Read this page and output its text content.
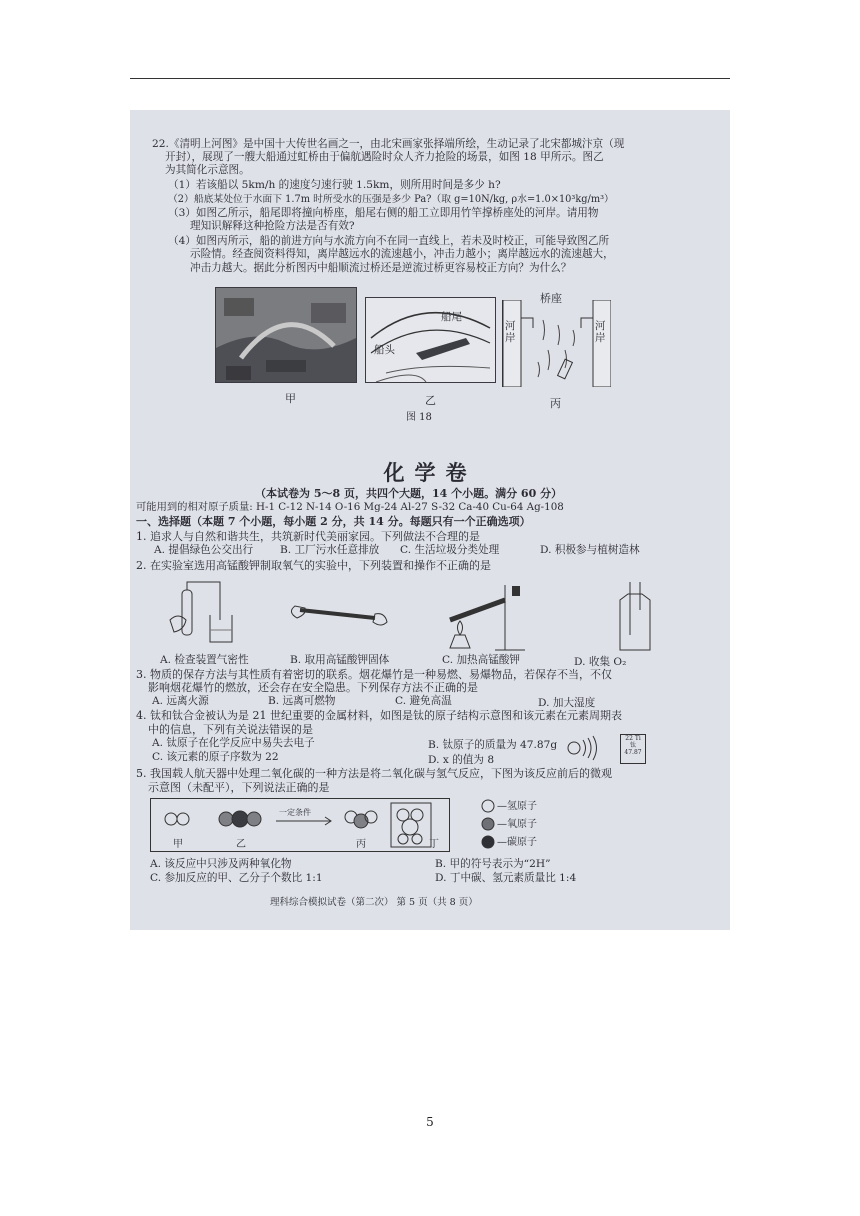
22.《清明上河图》是中国十大传世名画之一，由北宋画家张择端所绘，生动记录了北宋都城汴京（现
开封），展现了一艘大船通过虹桥由于偏航遇险时众人齐力抢险的场景，如图 18 甲所示。图乙
为其简化示意图。
（1）若该船以 5km/h 的速度匀速行驶 1.5km，则所用时间是多少 h?
（2）船底某处位于水面下 1.7m 时所受水的压强是多少 Pa?（取 g=10N/kg, ρ水=1.0×10³kg/m³）
（3）如图乙所示，船尾即将撞向桥座，船尾右侧的船工立即用竹竿撑桥座处的河岸。请用物
理知识解释这种抢险方法是否有效?
（4）如图丙所示，船的前进方向与水流方向不在同一直线上，若未及时校正，可能导致图乙所
示险情。经查阅资料得知，离岸越远水的流速越小，冲击力越小；离岸越远水的流速越大，
冲击力越大。据此分析图丙中船顺流过桥还是逆流过桥更容易校正方向？为什么？
船尾
船头
河岸
河岸
桥座
甲	乙	丙
图 18
化学卷
（本试卷为 5～8 页，共四个大题，14 个小题。满分 60 分）
可能用到的相对原子质量: H-1 C-12 N-14 O-16 Mg-24 Al-27 S-32 Ca-40 Cu-64 Ag-108
一、选择题（本题 7 个小题，每小题 2 分，共 14 分。每题只有一个正确选项）
1. 追求人与自然和谐共生，共筑新时代美丽家园。下列做法不合理的是
A. 提倡绿色公交出行	B. 工厂污水任意排放 C. 生活垃圾分类处理	D. 积极参与植树造林
2. 在实验室选用高锰酸钾制取氧气的实验中，下列装置和操作不正确的是
A. 检查装置气密性	B. 取用高锰酸钾固体	C. 加热高锰酸钾	D. 收集 O₂
3. 物质的保存方法与其性质有着密切的联系。烟花爆竹是一种易燃、易爆物品，若保存不当，不仅
影响烟花爆竹的燃放，还会存在安全隐患。下列保存方法不正确的是
A. 远离火源	B. 远离可燃物	C. 避免高温	D. 加大湿度
4. 钛和钛合金被认为是 21 世纪重要的金属材料，如图是钛的原子结构示意图和该元素在元素周期表
中的信息，下列有关说法错误的是
A. 钛原子在化学反应中易失去电子	B. 钛原子的质量为 47.87g
C. 该元素的原子序数为 22	D. x 的值为 8
22 Ti
钛
47.87
5. 我国载人航天器中处理二氧化碳的一种方法是将二氧化碳与氢气反应，下图为该反应前后的微观
示意图（未配平），下列说法正确的是
甲	乙
一定条件
丙	丁
—氢原子
—氧原子
—碳原子
A. 该反应中只涉及两种氧化物	B. 甲的符号表示为“2H”
C. 参加反应的甲、乙分子个数比 1:1	D. 丁中碳、氢元素质量比 1:4
理科综合模拟试卷（第二次） 第 5 页（共 8 页）
5
